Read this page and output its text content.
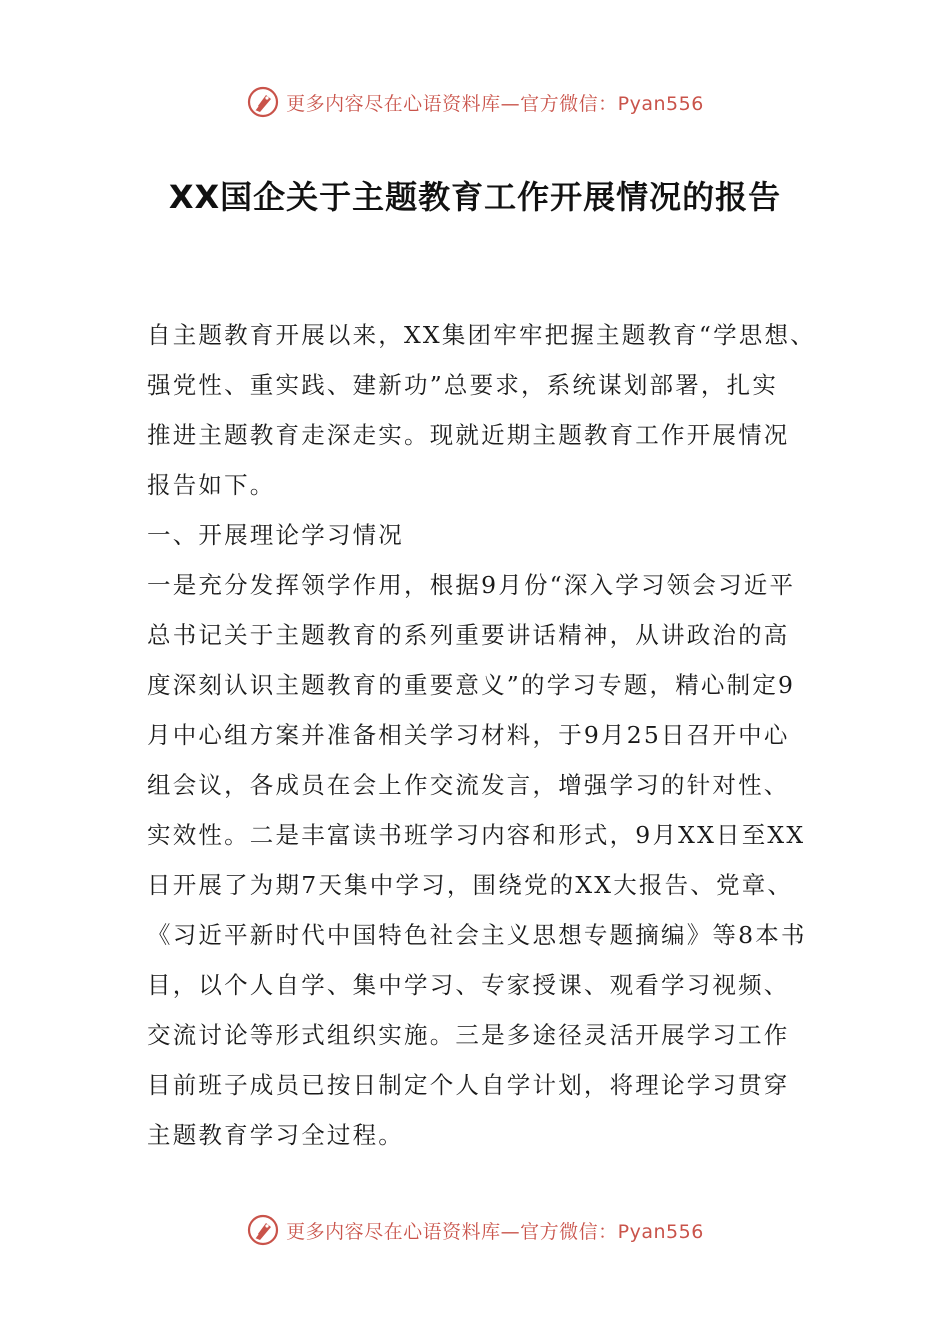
更多内容尽在心语资料库—官方微信：Pyan556
XX国企关于主题教育工作开展情况的报告
自主题教育开展以来，XX集团牢牢把握主题教育“学思想、
强党性、重实践、建新功”总要求，系统谋划部署，扎实
推进主题教育走深走实。现就近期主题教育工作开展情况
报告如下。
一、开展理论学习情况
一是充分发挥领学作用，根据9月份“深入学习领会习近平
总书记关于主题教育的系列重要讲话精神，从讲政治的高
度深刻认识主题教育的重要意义”的学习专题，精心制定9
月中心组方案并准备相关学习材料，于9月25日召开中心
组会议，各成员在会上作交流发言，增强学习的针对性、
实效性。二是丰富读书班学习内容和形式，9月XX日至XX
日开展了为期7天集中学习，围绕党的XX大报告、党章、
《习近平新时代中国特色社会主义思想专题摘编》等8本书
目，以个人自学、集中学习、专家授课、观看学习视频、
交流讨论等形式组织实施。三是多途径灵活开展学习工作
目前班子成员已按日制定个人自学计划，将理论学习贯穿
主题教育学习全过程。
更多内容尽在心语资料库—官方微信：Pyan556
